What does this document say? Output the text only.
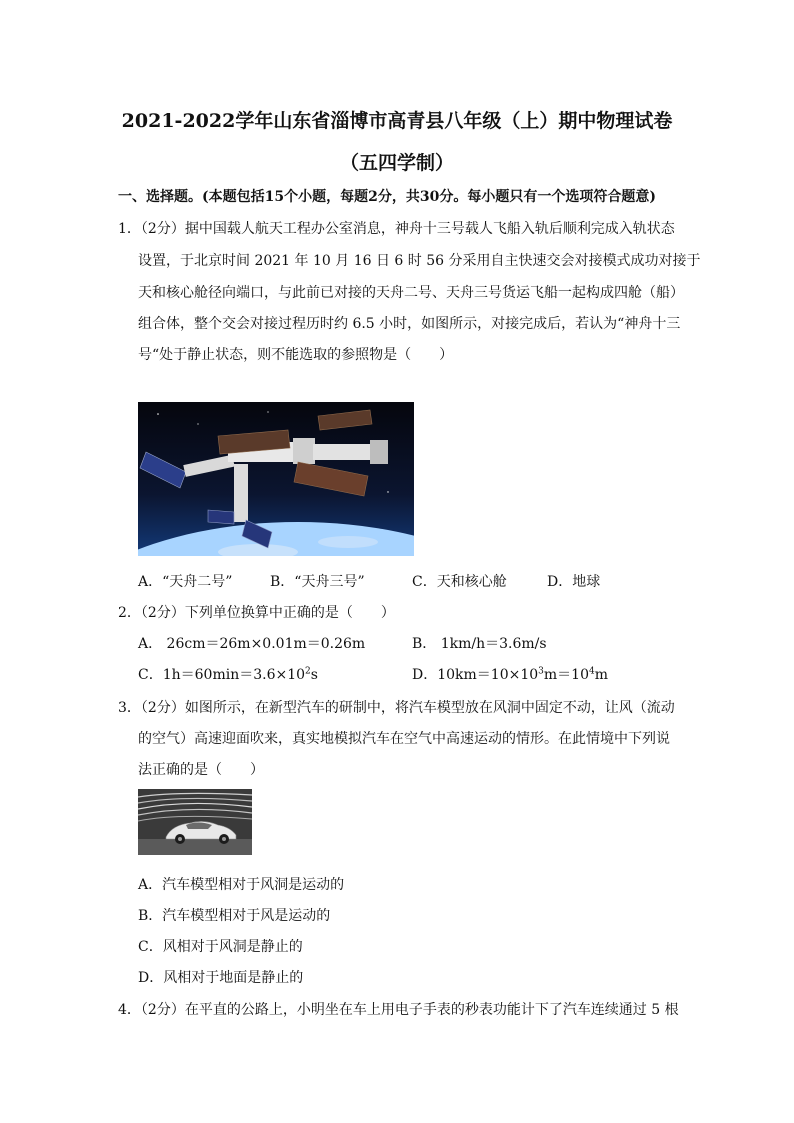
2021-2022学年山东省淄博市高青县八年级（上）期中物理试卷
（五四学制）
一、选择题。(本题包括15个小题，每题2分，共30分。每小题只有一个选项符合题意)
1．（2分）据中国载人航天工程办公室消息，神舟十三号载人飞船入轨后顺利完成入轨状态
设置，于北京时间 2021 年 10 月 16 日 6 时 56 分采用自主快速交会对接模式成功对接于
天和核心舱径向端口，与此前已对接的天舟二号、天舟三号货运飞船一起构成四舱（船）
组合体，整个交会对接过程历时约 6.5 小时，如图所示，对接完成后，若认为“神舟十三
号“处于静止状态，则不能选取的参照物是（　　）
A．“天舟二号”	B．“天舟三号”	C．天和核心舱	D．地球
2．（2分）下列单位换算中正确的是（　　）
A． 26cm＝26m×0.01m＝0.26m	B． 1km/h＝3.6m/s
C．$1h=60\min=3.6\times 10^2s$	D．$10km=10\times 10^3m=10^4m$
3．（2分）如图所示，在新型汽车的研制中，将汽车模型放在风洞中固定不动，让风（流动
的空气）高速迎面吹来，真实地模拟汽车在空气中高速运动的情形。在此情境中下列说
法正确的是（　　）
A．汽车模型相对于风洞是运动的
B．汽车模型相对于风是运动的
C．风相对于风洞是静止的
D．风相对于地面是静止的
4．（2分）在平直的公路上，小明坐在车上用电子手表的秒表功能计下了汽车连续通过 5 根
